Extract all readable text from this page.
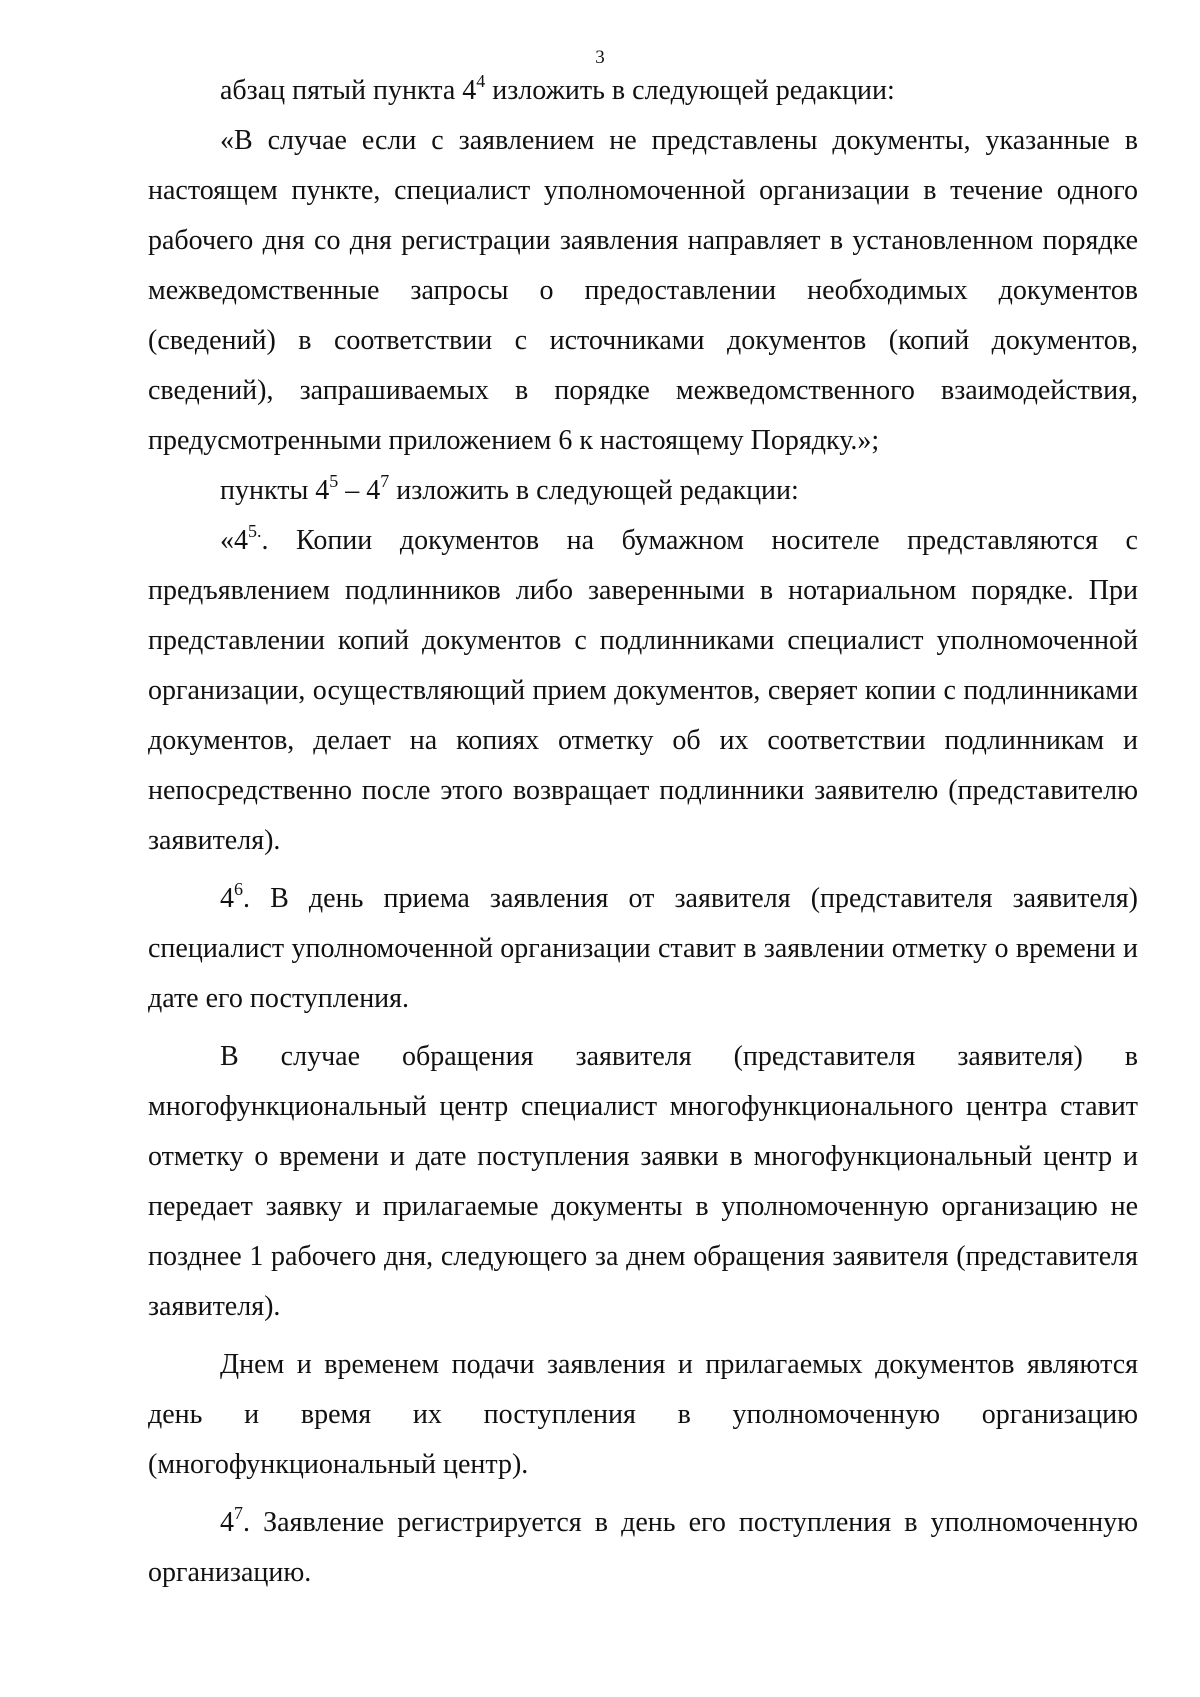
3

абзац пятый пункта $4^4$ изложить в следующей редакции:

«В случае если с заявлением не представлены документы, указанные в настоящем пункте, специалист уполномоченной организации в течение одного рабочего дня со дня регистрации заявления направляет в установленном порядке межведомственные запросы о предоставлении необходимых документов (сведений) в соответствии с источниками документов (копий документов, сведений), запрашиваемых в порядке межведомственного взаимодействия, предусмотренными приложением 6 к настоящему Порядку.»;

пункты $4^5 - 4^7$ изложить в следующей редакции:

«$4^{5.}$. Копии документов на бумажном носителе представляются с предъявлением подлинников либо заверенными в нотариальном порядке. При представлении копий документов с подлинниками специалист уполномоченной организации, осуществляющий прием документов, сверяет копии с подлинниками документов, делает на копиях отметку об их соответствии подлинникам и непосредственно после этого возвращает подлинники заявителю (представителю заявителя).

$4^6$. В день приема заявления от заявителя (представителя заявителя) специалист уполномоченной организации ставит в заявлении отметку о времени и дате его поступления.

В случае обращения заявителя (представителя заявителя) в многофункциональный центр специалист многофункционального центра ставит отметку о времени и дате поступления заявки в многофункциональный центр и передает заявку и прилагаемые документы в уполномоченную организацию не позднее 1 рабочего дня, следующего за днем обращения заявителя (представителя заявителя).

Днем и временем подачи заявления и прилагаемых документов являются день и время их поступления в уполномоченную организацию (многофункциональный центр).

$4^7$. Заявление регистрируется в день его поступления в уполномоченную организацию.
